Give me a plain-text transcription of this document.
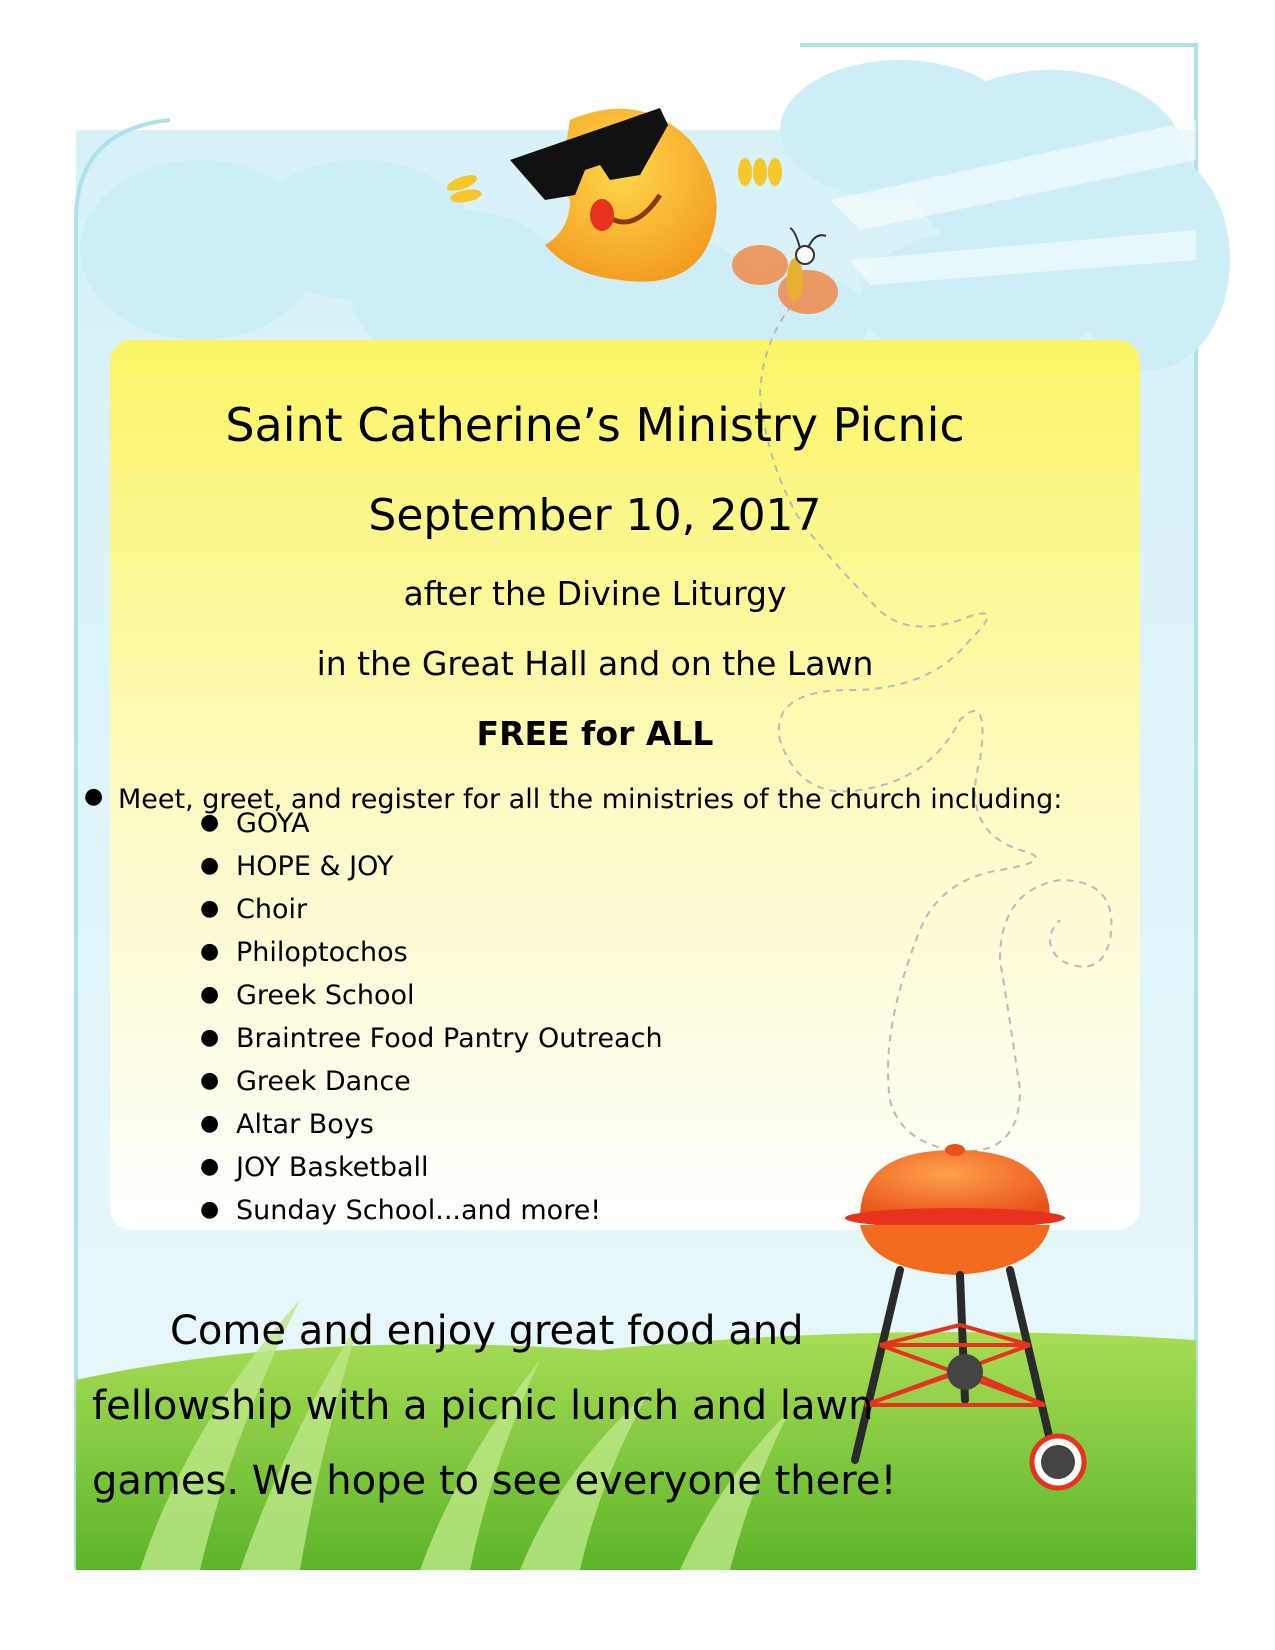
Saint Catherine’s Ministry Picnic
September 10, 2017

after the Divine Liturgy

in the Great Hall and on the Lawn

FREE for ALL

● Meet, greet, and register for all the ministries of the church including:
● GOYA
● HOPE & JOY
● Choir
● Philoptochos
● Greek School
● Braintree Food Pantry Outreach
● Greek Dance
● Altar Boys
● JOY Basketball
● Sunday School...and more!

Come and enjoy great food and fellowship with a picnic lunch and lawn games. We hope to see everyone there!
